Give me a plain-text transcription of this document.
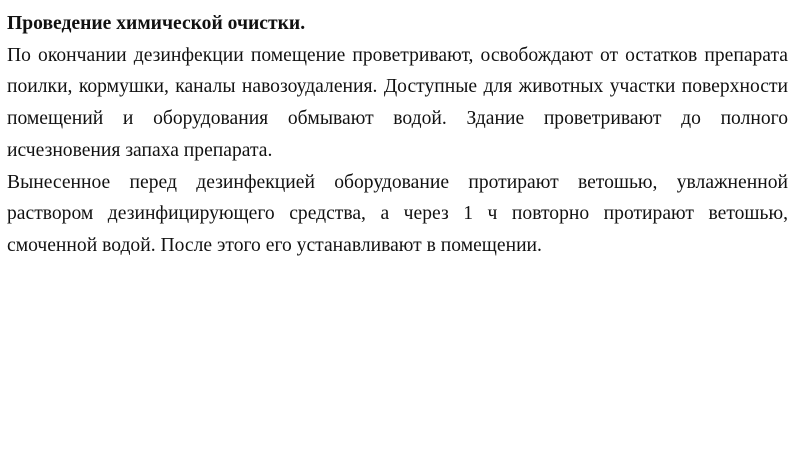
Проведение химической очистки.

По окончании дезинфекции помещение проветривают, освобождают от остатков препарата поилки, кормушки, каналы навозоудаления. Доступные для животных участки поверхности помещений и оборудования обмывают водой. Здание проветривают до полного исчезновения запаха препарата.

Вынесенное перед дезинфекцией оборудование протирают ветошью, увлажненной раствором дезинфицирующего средства, а через 1 ч повторно протирают ветошью, смоченной водой. После этого его устанавливают в помещении.
